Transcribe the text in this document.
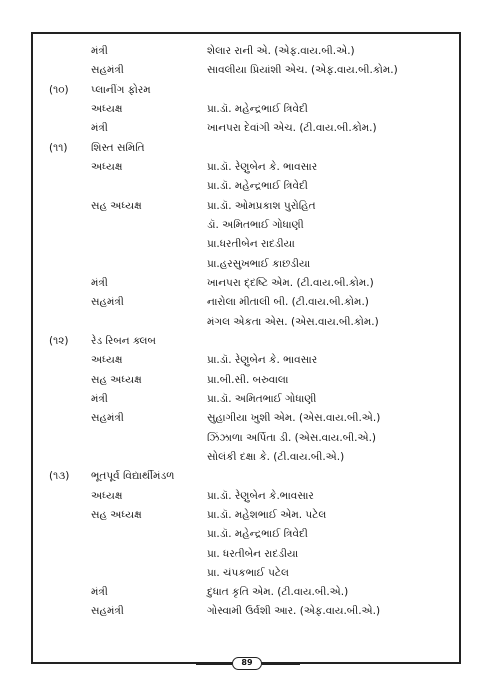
મંત્રી	શેલાર રાની એ. (એફ.વાય.બી.એ.)
સહમંત્રી	સાવલીયા પ્રિયાંશી એચ. (એફ.વાય.બી.કોમ.)
(૧૦) પ્લાનીંગ ફોરમ
અધ્યક્ષ	પ્રા.ડૉ. મહેન્દ્રભાઈ ત્રિવેદી
મંત્રી	ખાનપરા દેવાંગી એચ. (ટી.વાય.બી.કોમ.)
(૧૧) શિસ્ત સમિતિ
અધ્યક્ષ	પ્રા.ડૉ. રેણુબેન કે. ભાવસાર
પ્રા.ડૉ. મહેન્દ્રભાઈ ત્રિવેદી
સહ અધ્યક્ષ	પ્રા.ડૉ. ઓમપ્રકાશ પુરોહિત
ડૉ. અમિતભાઈ ગોધાણી
પ્રા.ધરતીબેન રાદડીયા
પ્રા.હરસુખભાઈ કાછડીયા
મંત્રી	ખાનપરા દ્દષ્ટિ એમ. (ટી.વાય.બી.કોમ.)
સહમંત્રી	નારોલા મીતાલી બી. (ટી.વાય.બી.કોમ.)
મંગલ એકતા એસ. (એસ.વાય.બી.કોમ.)
(૧૨) રેડ રિબન ક્લબ
અધ્યક્ષ	પ્રા.ડૉ. રેણુબેન કે. ભાવસાર
સહ અધ્યક્ષ	પ્રા.બી.સી. બરુવાલા
મંત્રી	પ્રા.ડૉ. અમિતભાઈ ગોધાણી
સહમંત્રી	સુહાગીયા ખુશી એમ. (એસ.વાય.બી.એ.)
ઝિંઝાળા અર્પિતા ડી. (એસ.વાય.બી.એ.)
સોલંકી દક્ષા કે. (ટી.વાય.બી.એ.)
(૧૩) ભૂતપૂર્વ વિદ્યાર્થીમંડળ
અધ્યક્ષ	પ્રા.ડૉ. રેણુબેન કે.ભાવસાર
સહ અધ્યક્ષ	પ્રા.ડૉ. મહેશભાઈ એમ. પટેલ
પ્રા.ડૉ. મહેન્દ્રભાઈ ત્રિવેદી
પ્રા. ધરતીબેન રાદડીયા
પ્રા. ચંપકભાઈ પટેલ
મંત્રી	દુધાત કૃતિ એમ. (ટી.વાય.બી.એ.)
સહમંત્રી	ગોસ્વામી ઉર્વશી આર. (એફ.વાય.બી.એ.)
89
